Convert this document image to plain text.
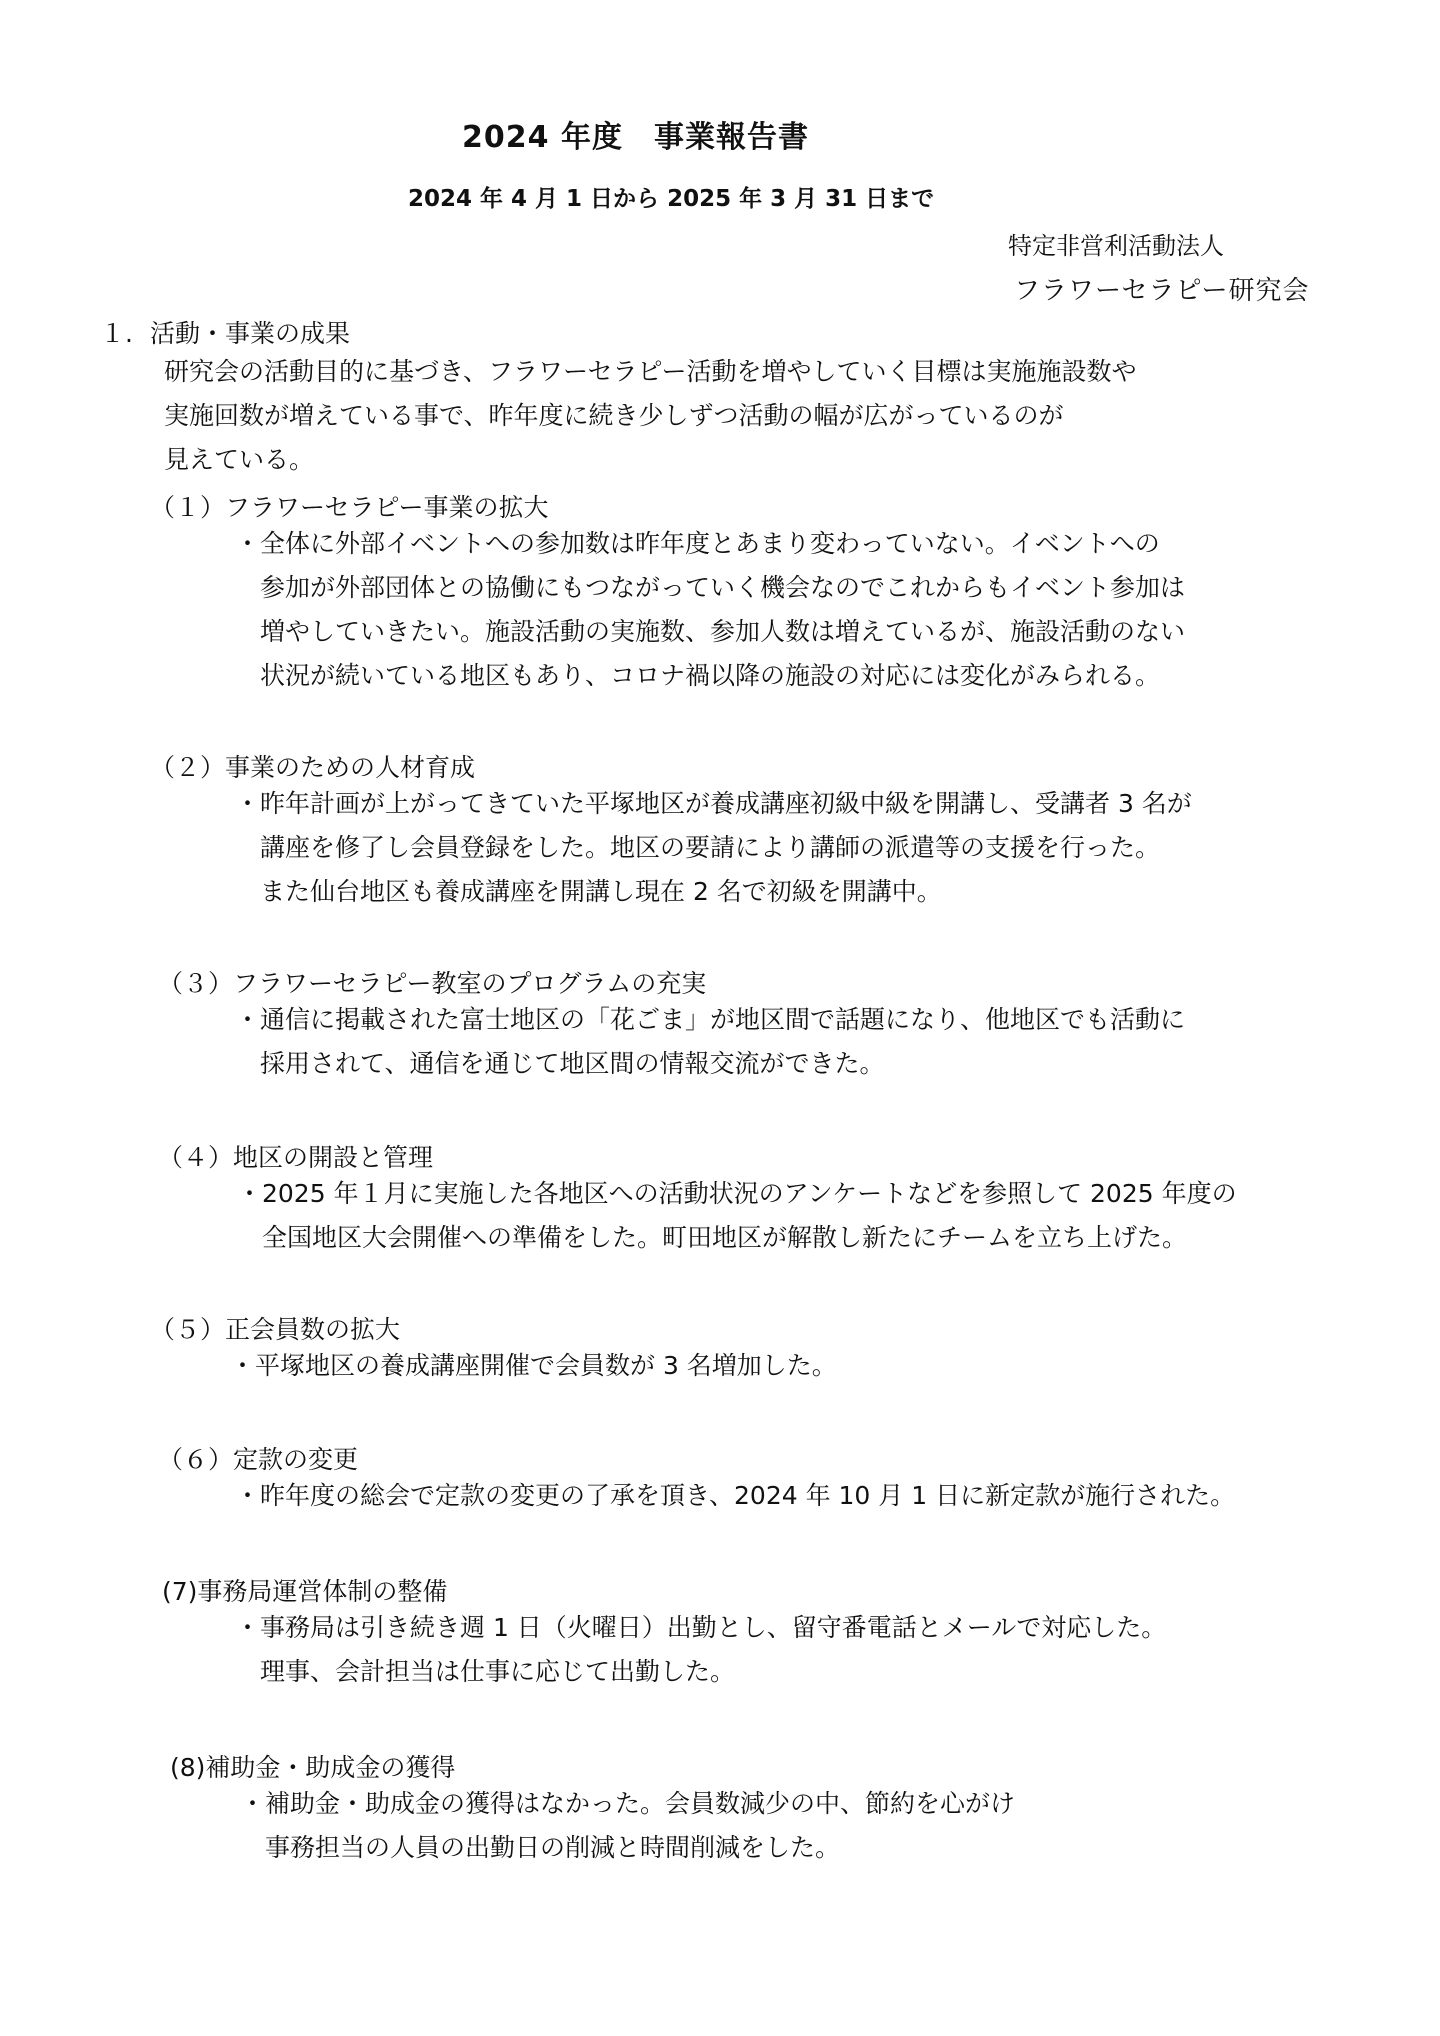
2024 年度　事業報告書
2024 年 4 月 1 日から 2025 年 3 月 31 日まで
特定非営利活動法人
フラワーセラピー研究会
１. 活動・事業の成果
研究会の活動目的に基づき、フラワーセラピー活動を増やしていく目標は実施施設数や
実施回数が増えている事で、昨年度に続き少しずつ活動の幅が広がっているのが
見えている。
（１）フラワーセラピー事業の拡大
・全体に外部イベントへの参加数は昨年度とあまり変わっていない。イベントへの
　参加が外部団体との協働にもつながっていく機会なのでこれからもイベント参加は
　増やしていきたい。施設活動の実施数、参加人数は増えているが、施設活動のない
　状況が続いている地区もあり、コロナ禍以降の施設の対応には変化がみられる。
（２）事業のための人材育成
・昨年計画が上がってきていた平塚地区が養成講座初級中級を開講し、受講者 3 名が
　講座を修了し会員登録をした。地区の要請により講師の派遣等の支援を行った。
　また仙台地区も養成講座を開講し現在 2 名で初級を開講中。
（３）フラワーセラピー教室のプログラムの充実
・通信に掲載された富士地区の「花ごま」が地区間で話題になり、他地区でも活動に
　採用されて、通信を通じて地区間の情報交流ができた。
（４）地区の開設と管理
・2025 年１月に実施した各地区への活動状況のアンケートなどを参照して 2025 年度の
　全国地区大会開催への準備をした。町田地区が解散し新たにチームを立ち上げた。
（５）正会員数の拡大
・平塚地区の養成講座開催で会員数が 3 名増加した。
（６）定款の変更
・昨年度の総会で定款の変更の了承を頂き、2024 年 10 月 1 日に新定款が施行された。
(7)事務局運営体制の整備
・事務局は引き続き週 1 日（火曜日）出勤とし、留守番電話とメールで対応した。
　理事、会計担当は仕事に応じて出勤した。
(8)補助金・助成金の獲得
・補助金・助成金の獲得はなかった。会員数減少の中、節約を心がけ
　事務担当の人員の出勤日の削減と時間削減をした。
